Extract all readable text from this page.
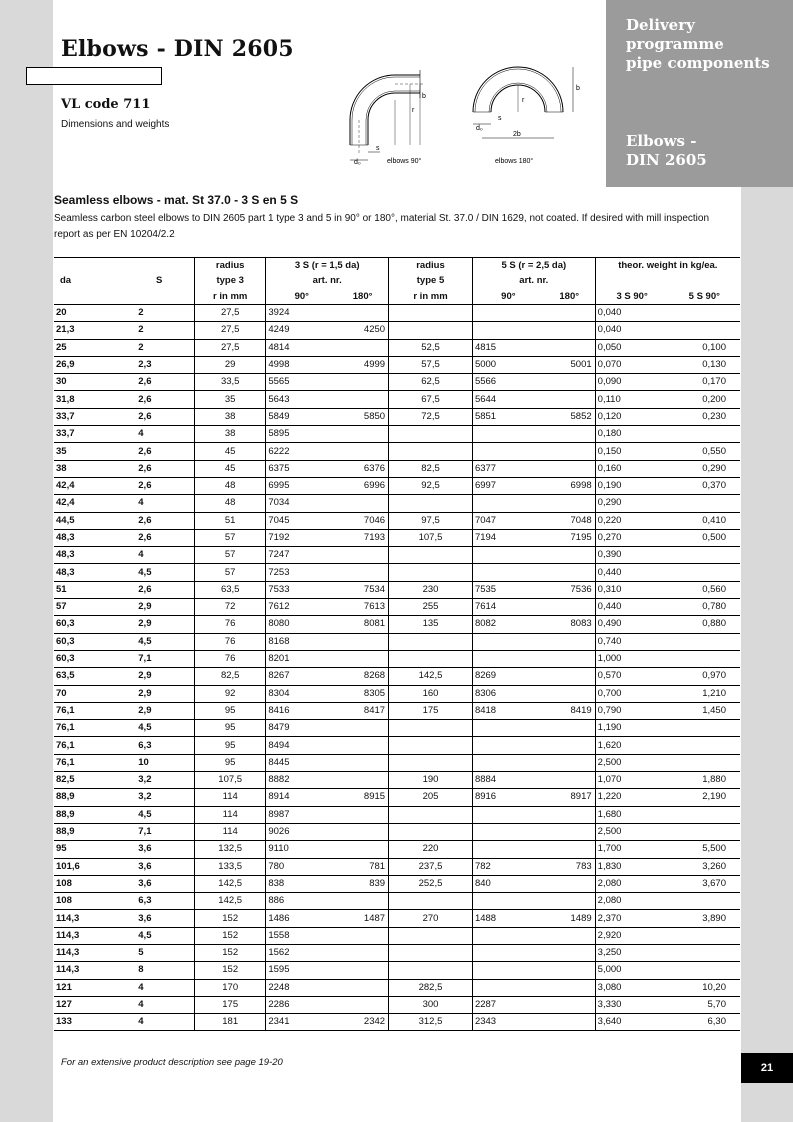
Delivery
programme
pipe components
Elbows -
DIN 2605
Elbows - DIN 2605
VL code 711
Dimensions and weights
d₀
s
r
b
elbows 90°
d₀
s
r
b
2b
elbows 180°
Seamless elbows - mat. St 37.0 - 3 S en 5 S
Seamless carbon steel elbows to DIN 2605 part 1 type 3 and 5 in 90° or 180°, material St. 37.0 / DIN 1629, not coated. If desired with mill inspection report as per EN 10204/2.2
		radius	3 S (r = 1,5 da)		radius	5 S (r = 2,5 da)		theor. weight in kg/ea.	
da	S	type 3	art. nr.		type 5	art. nr.			
		r in mm	90°	180°	r in mm	90°	180°	3 S 90°	5 S 90°
20	2	27,5	3924					0,040	
21,3	2	27,5	4249	4250				0,040	
25	2	27,5	4814		52,5	4815		0,050	0,100
26,9	2,3	29	4998	4999	57,5	5000	5001	0,070	0,130
30	2,6	33,5	5565		62,5	5566		0,090	0,170
31,8	2,6	35	5643		67,5	5644		0,110	0,200
33,7	2,6	38	5849	5850	72,5	5851	5852	0,120	0,230
33,7	4	38	5895					0,180	
35	2,6	45	6222					0,150	0,550
38	2,6	45	6375	6376	82,5	6377		0,160	0,290
42,4	2,6	48	6995	6996	92,5	6997	6998	0,190	0,370
42,4	4	48	7034					0,290	
44,5	2,6	51	7045	7046	97,5	7047	7048	0,220	0,410
48,3	2,6	57	7192	7193	107,5	7194	7195	0,270	0,500
48,3	4	57	7247					0,390	
48,3	4,5	57	7253					0,440	
51	2,6	63,5	7533	7534	230	7535	7536	0,310	0,560
57	2,9	72	7612	7613	255	7614		0,440	0,780
60,3	2,9	76	8080	8081	135	8082	8083	0,490	0,880
60,3	4,5	76	8168					0,740	
60,3	7,1	76	8201					1,000	
63,5	2,9	82,5	8267	8268	142,5	8269		0,570	0,970
70	2,9	92	8304	8305	160	8306		0,700	1,210
76,1	2,9	95	8416	8417	175	8418	8419	0,790	1,450
76,1	4,5	95	8479					1,190	
76,1	6,3	95	8494					1,620	
76,1	10	95	8445					2,500	
82,5	3,2	107,5	8882		190	8884		1,070	1,880
88,9	3,2	114	8914	8915	205	8916	8917	1,220	2,190
88,9	4,5	114	8987					1,680	
88,9	7,1	114	9026					2,500	
95	3,6	132,5	9110		220			1,700	5,500
101,6	3,6	133,5	780	781	237,5	782	783	1,830	3,260
108	3,6	142,5	838	839	252,5	840		2,080	3,670
108	6,3	142,5	886					2,080	
114,3	3,6	152	1486	1487	270	1488	1489	2,370	3,890
114,3	4,5	152	1558					2,920	
114,3	5	152	1562					3,250	
114,3	8	152	1595					5,000	
121	4	170	2248		282,5			3,080	10,20
127	4	175	2286		300	2287		3,330	5,70
133	4	181	2341	2342	312,5	2343		3,640	6,30
For an extensive product description see page 19-20	21
